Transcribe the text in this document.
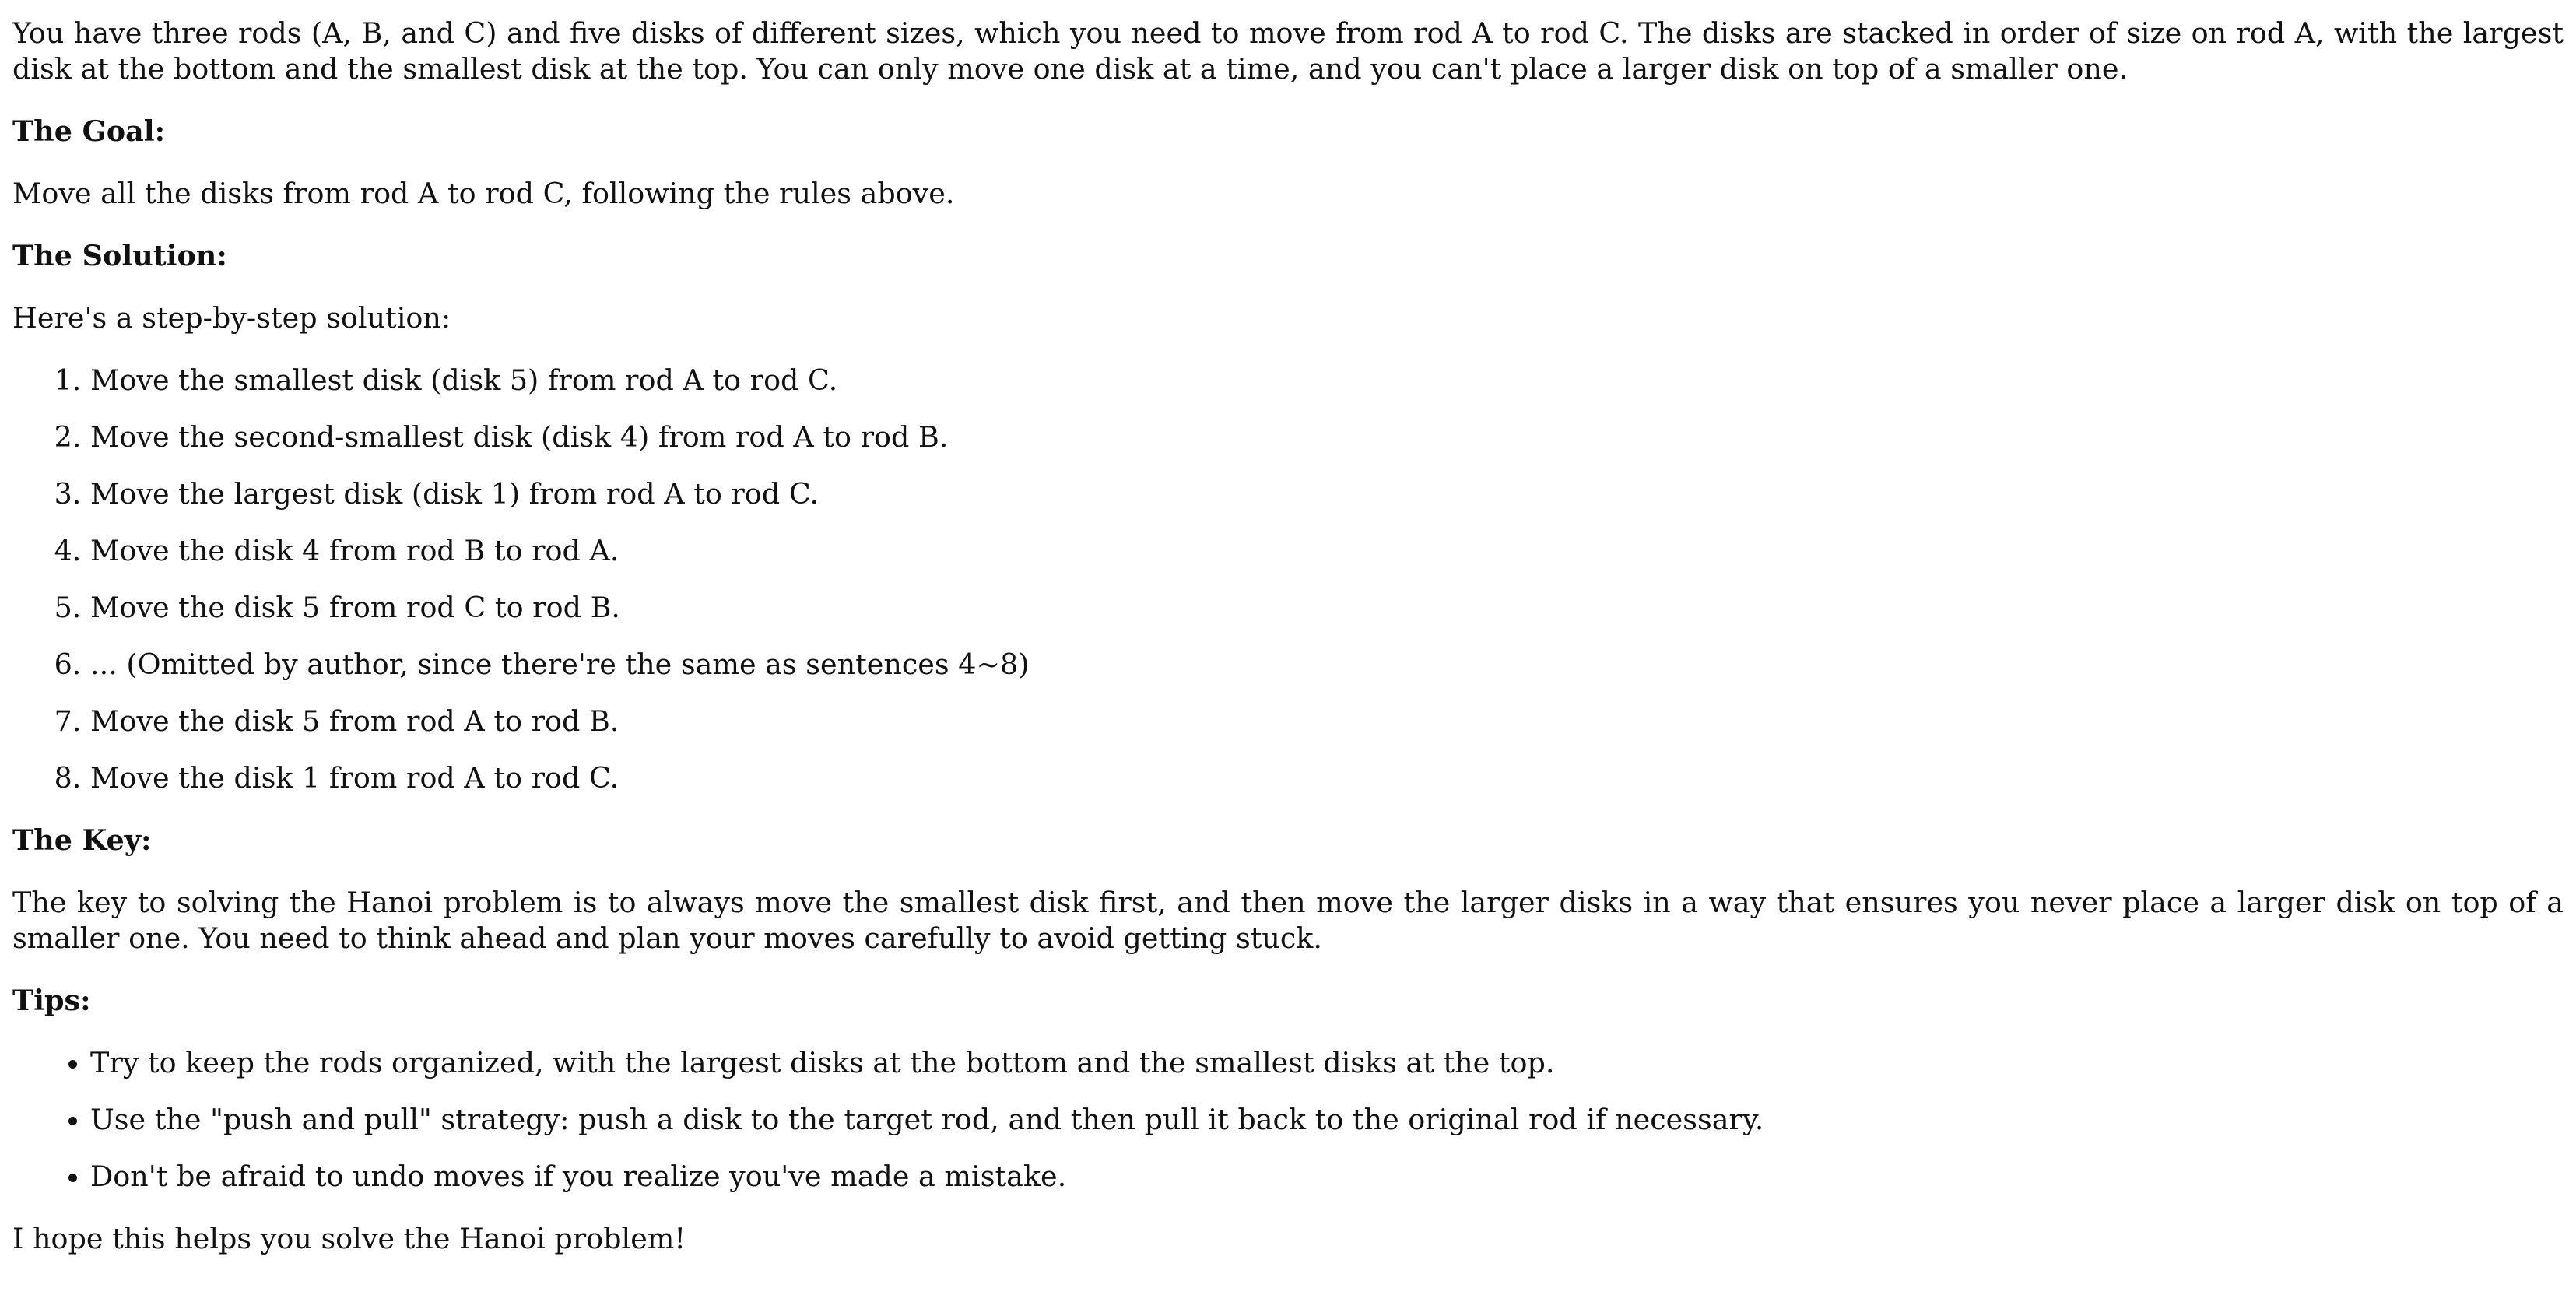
You have three rods (A, B, and C) and five disks of different sizes, which you need to move from rod A to rod C. The disks are stacked in order of size on rod A, with the largest disk at the bottom and the smallest disk at the top. You can only move one disk at a time, and you can't place a larger disk on top of a smaller one.

The Goal:

Move all the disks from rod A to rod C, following the rules above.

The Solution:

Here's a step-by-step solution:

1. Move the smallest disk (disk 5) from rod A to rod C.
2. Move the second-smallest disk (disk 4) from rod A to rod B.
3. Move the largest disk (disk 1) from rod A to rod C.
4. Move the disk 4 from rod B to rod A.
5. Move the disk 5 from rod C to rod B.
6. ... (Omitted by author, since there're the same as sentences 4~8)
7. Move the disk 5 from rod A to rod B.
8. Move the disk 1 from rod A to rod C.

The Key:

The key to solving the Hanoi problem is to always move the smallest disk first, and then move the larger disks in a way that ensures you never place a larger disk on top of a smaller one. You need to think ahead and plan your moves carefully to avoid getting stuck.

Tips:

• Try to keep the rods organized, with the largest disks at the bottom and the smallest disks at the top.
• Use the "push and pull" strategy: push a disk to the target rod, and then pull it back to the original rod if necessary.
• Don't be afraid to undo moves if you realize you've made a mistake.

I hope this helps you solve the Hanoi problem!
